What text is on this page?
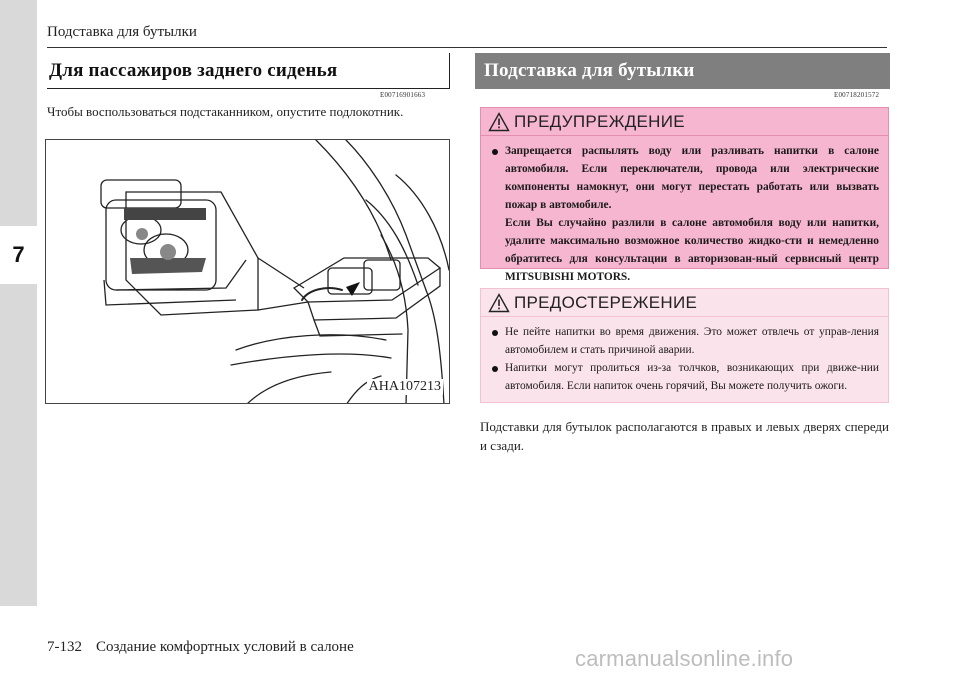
7
Подставка для бутылки
Для пассажиров заднего сиденья
E00716901663
Чтобы воспользоваться подстаканником, опустите подлокотник.
AHA107213
Подставка для бутылки
E00718201572
ПРЕДУПРЕЖДЕНИЕ
Запрещается распылять воду или разливать напитки в салоне автомобиля. Если переключатели, провода или электрические компоненты намокнут, они могут перестать работать или вызвать пожар в автомобиле.
Если Вы случайно разлили в салоне автомобиля воду или напитки, удалите максимально возможное количество жидко-сти и немедленно обратитесь для консультации в авторизован-ный сервисный центр MITSUBISHI MOTORS.
ПРЕДОСТЕРЕЖЕНИЕ
Не пейте напитки во время движения. Это может отвлечь от управ-ления автомобилем и стать причиной аварии.
Напитки могут пролиться из-за толчков, возникающих при движе-нии автомобиля. Если напиток очень горячий, Вы можете получить ожоги.
Подставки для бутылок располагаются в правых и левых дверях спереди и сзади.
7-132 Создание комфортных условий в салоне	carmanualsonline.info
